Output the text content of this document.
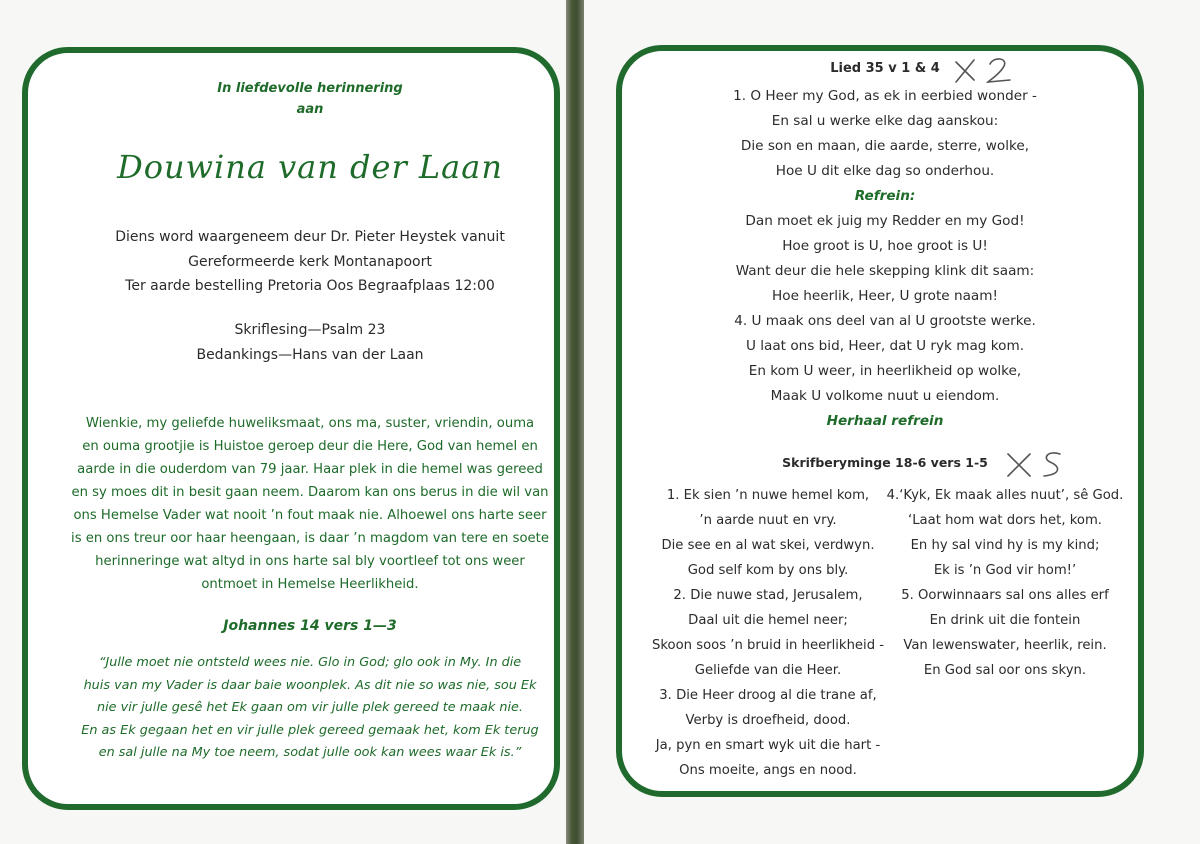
In liefdevolle herinnering
aan
Douwina van der Laan
Diens word waargeneem deur Dr. Pieter Heystek vanuit
Gereformeerde kerk Montanapoort
Ter aarde bestelling Pretoria Oos Begraafplaas 12:00
Skriflesing—Psalm 23
Bedankings—Hans van der Laan
Wienkie, my geliefde huweliksmaat, ons ma, suster, vriendin, ouma
en ouma grootjie is Huistoe geroep deur die Here, God van hemel en
aarde in die ouderdom van 79 jaar. Haar plek in die hemel was gereed
en sy moes dit in besit gaan neem. Daarom kan ons berus in die wil van
ons Hemelse Vader wat nooit ’n fout maak nie. Alhoewel ons harte seer
is en ons treur oor haar heengaan, is daar ’n magdom van tere en soete
herinneringe wat altyd in ons harte sal bly voortleef tot ons weer
ontmoet in Hemelse Heerlikheid.
Johannes 14 vers 1—3
“Julle moet nie ontsteld wees nie. Glo in God; glo ook in My. In die
huis van my Vader is daar baie woonplek. As dit nie so was nie, sou Ek
nie vir julle gesê het Ek gaan om vir julle plek gereed te maak nie.
En as Ek gegaan het en vir julle plek gereed gemaak het, kom Ek terug
en sal julle na My toe neem, sodat julle ook kan wees waar Ek is.”
Lied 35 v 1 & 4
1. O Heer my God, as ek in eerbied wonder -
En sal u werke elke dag aanskou:
Die son en maan, die aarde, sterre, wolke,
Hoe U dit elke dag so onderhou.
Refrein:
Dan moet ek juig my Redder en my God!
Hoe groot is U, hoe groot is U!
Want deur die hele skepping klink dit saam:
Hoe heerlik, Heer, U grote naam!
4. U maak ons deel van al U grootste werke.
U laat ons bid, Heer, dat U ryk mag kom.
En kom U weer, in heerlikheid op wolke,
Maak U volkome nuut u eiendom.
Herhaal refrein
Skrifberyminge 18-6 vers 1-5
1. Ek sien ’n nuwe hemel kom,
’n aarde nuut en vry.
Die see en al wat skei, verdwyn.
God self kom by ons bly.
2. Die nuwe stad, Jerusalem,
Daal uit die hemel neer;
Skoon soos ’n bruid in heerlikheid -
Geliefde van die Heer.
3. Die Heer droog al die trane af,
Verby is droefheid, dood.
Ja, pyn en smart wyk uit die hart -
Ons moeite, angs en nood.
4.‘Kyk, Ek maak alles nuut’, sê God.
‘Laat hom wat dors het, kom.
En hy sal vind hy is my kind;
Ek is ’n God vir hom!’
5. Oorwinnaars sal ons alles erf
En drink uit die fontein
Van lewenswater, heerlik, rein.
En God sal oor ons skyn.
